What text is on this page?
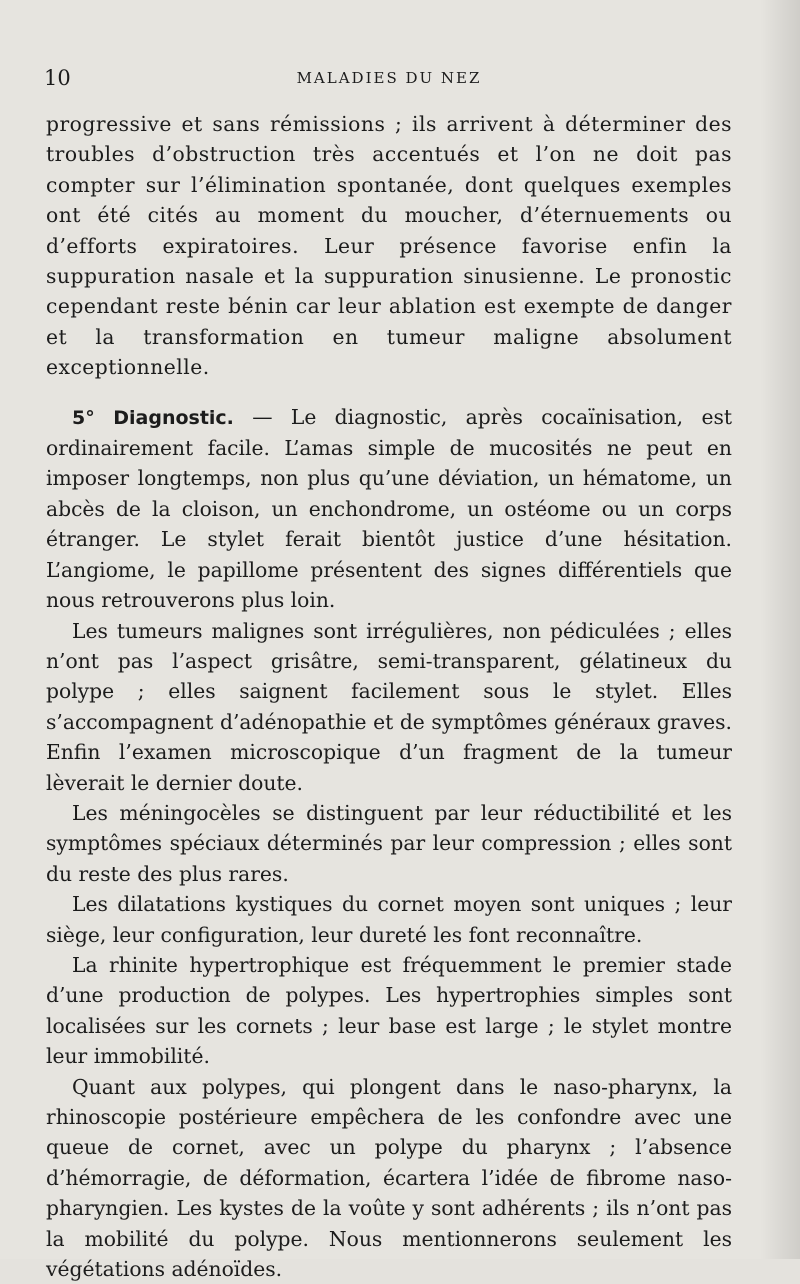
10	MALADIES DU NEZ

progressive et sans rémissions ; ils arrivent à déterminer des troubles d’obstruction très accentués et l’on ne doit pas compter sur l’élimination spontanée, dont quelques exemples ont été cités au moment du moucher, d’éternuements ou d’efforts expiratoires. Leur présence favorise enfin la suppuration nasale et la suppuration sinusienne. Le pronostic cependant reste bénin car leur ablation est exempte de danger et la transformation en tumeur maligne absolument exceptionnelle.

5° Diagnostic. — Le diagnostic, après cocaïnisation, est ordinairement facile. L’amas simple de mucosités ne peut en imposer longtemps, non plus qu’une déviation, un hématome, un abcès de la cloison, un enchondrome, un ostéome ou un corps étranger. Le stylet ferait bientôt justice d’une hésitation. L’angiome, le papillome présentent des signes différentiels que nous retrouverons plus loin.

Les tumeurs malignes sont irrégulières, non pédiculées ; elles n’ont pas l’aspect grisâtre, semi-transparent, gélatineux du polype ; elles saignent facilement sous le stylet. Elles s’accompagnent d’adénopathie et de symptômes généraux graves. Enfin l’examen microscopique d’un fragment de la tumeur lèverait le dernier doute.

Les méningocèles se distinguent par leur réductibilité et les symptômes spéciaux déterminés par leur compression ; elles sont du reste des plus rares.

Les dilatations kystiques du cornet moyen sont uniques ; leur siège, leur configuration, leur dureté les font reconnaître.

La rhinite hypertrophique est fréquemment le premier stade d’une production de polypes. Les hypertrophies simples sont localisées sur les cornets ; leur base est large ; le stylet montre leur immobilité.

Quant aux polypes, qui plongent dans le naso-pharynx, la rhinoscopie postérieure empêchera de les confondre avec une queue de cornet, avec un polype du pharynx ; l’absence d’hémorragie, de déformation, écartera l’idée de fibrome naso-pharyngien. Les kystes de la voûte y sont adhérents ; ils n’ont pas la mobilité du polype. Nous mentionnerons seulement les végétations adénoïdes.
